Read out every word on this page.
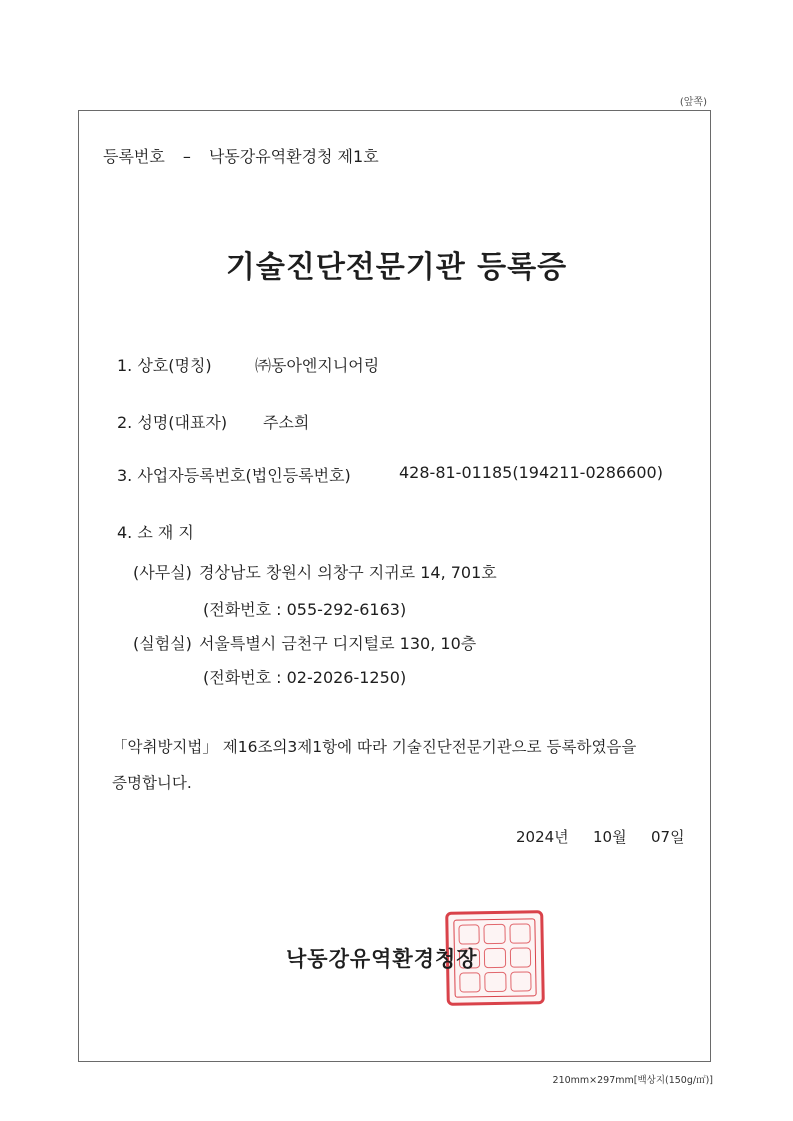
(앞쪽)
등록번호 – 낙동강유역환경청 제1호
기술진단전문기관 등록증
1. 상호(명칭)	㈜동아엔지니어링
2. 성명(대표자) 주소희
3. 사업자등록번호(법인등록번호)	428-81-01185(194211-0286600)
4. 소 재 지
(사무실) 경상남도 창원시 의창구 지귀로 14, 701호
(전화번호 : 055-292-6163)
(실험실) 서울특별시 금천구 디지털로 130, 10층
(전화번호 : 02-2026-1250)
「악취방지법」 제16조의3제1항에 따라 기술진단전문기관으로 등록하였음을
증명합니다.
2024년 10월 07일
낙동강유역환경청장
210mm×297mm[백상지(150g/㎡)]
